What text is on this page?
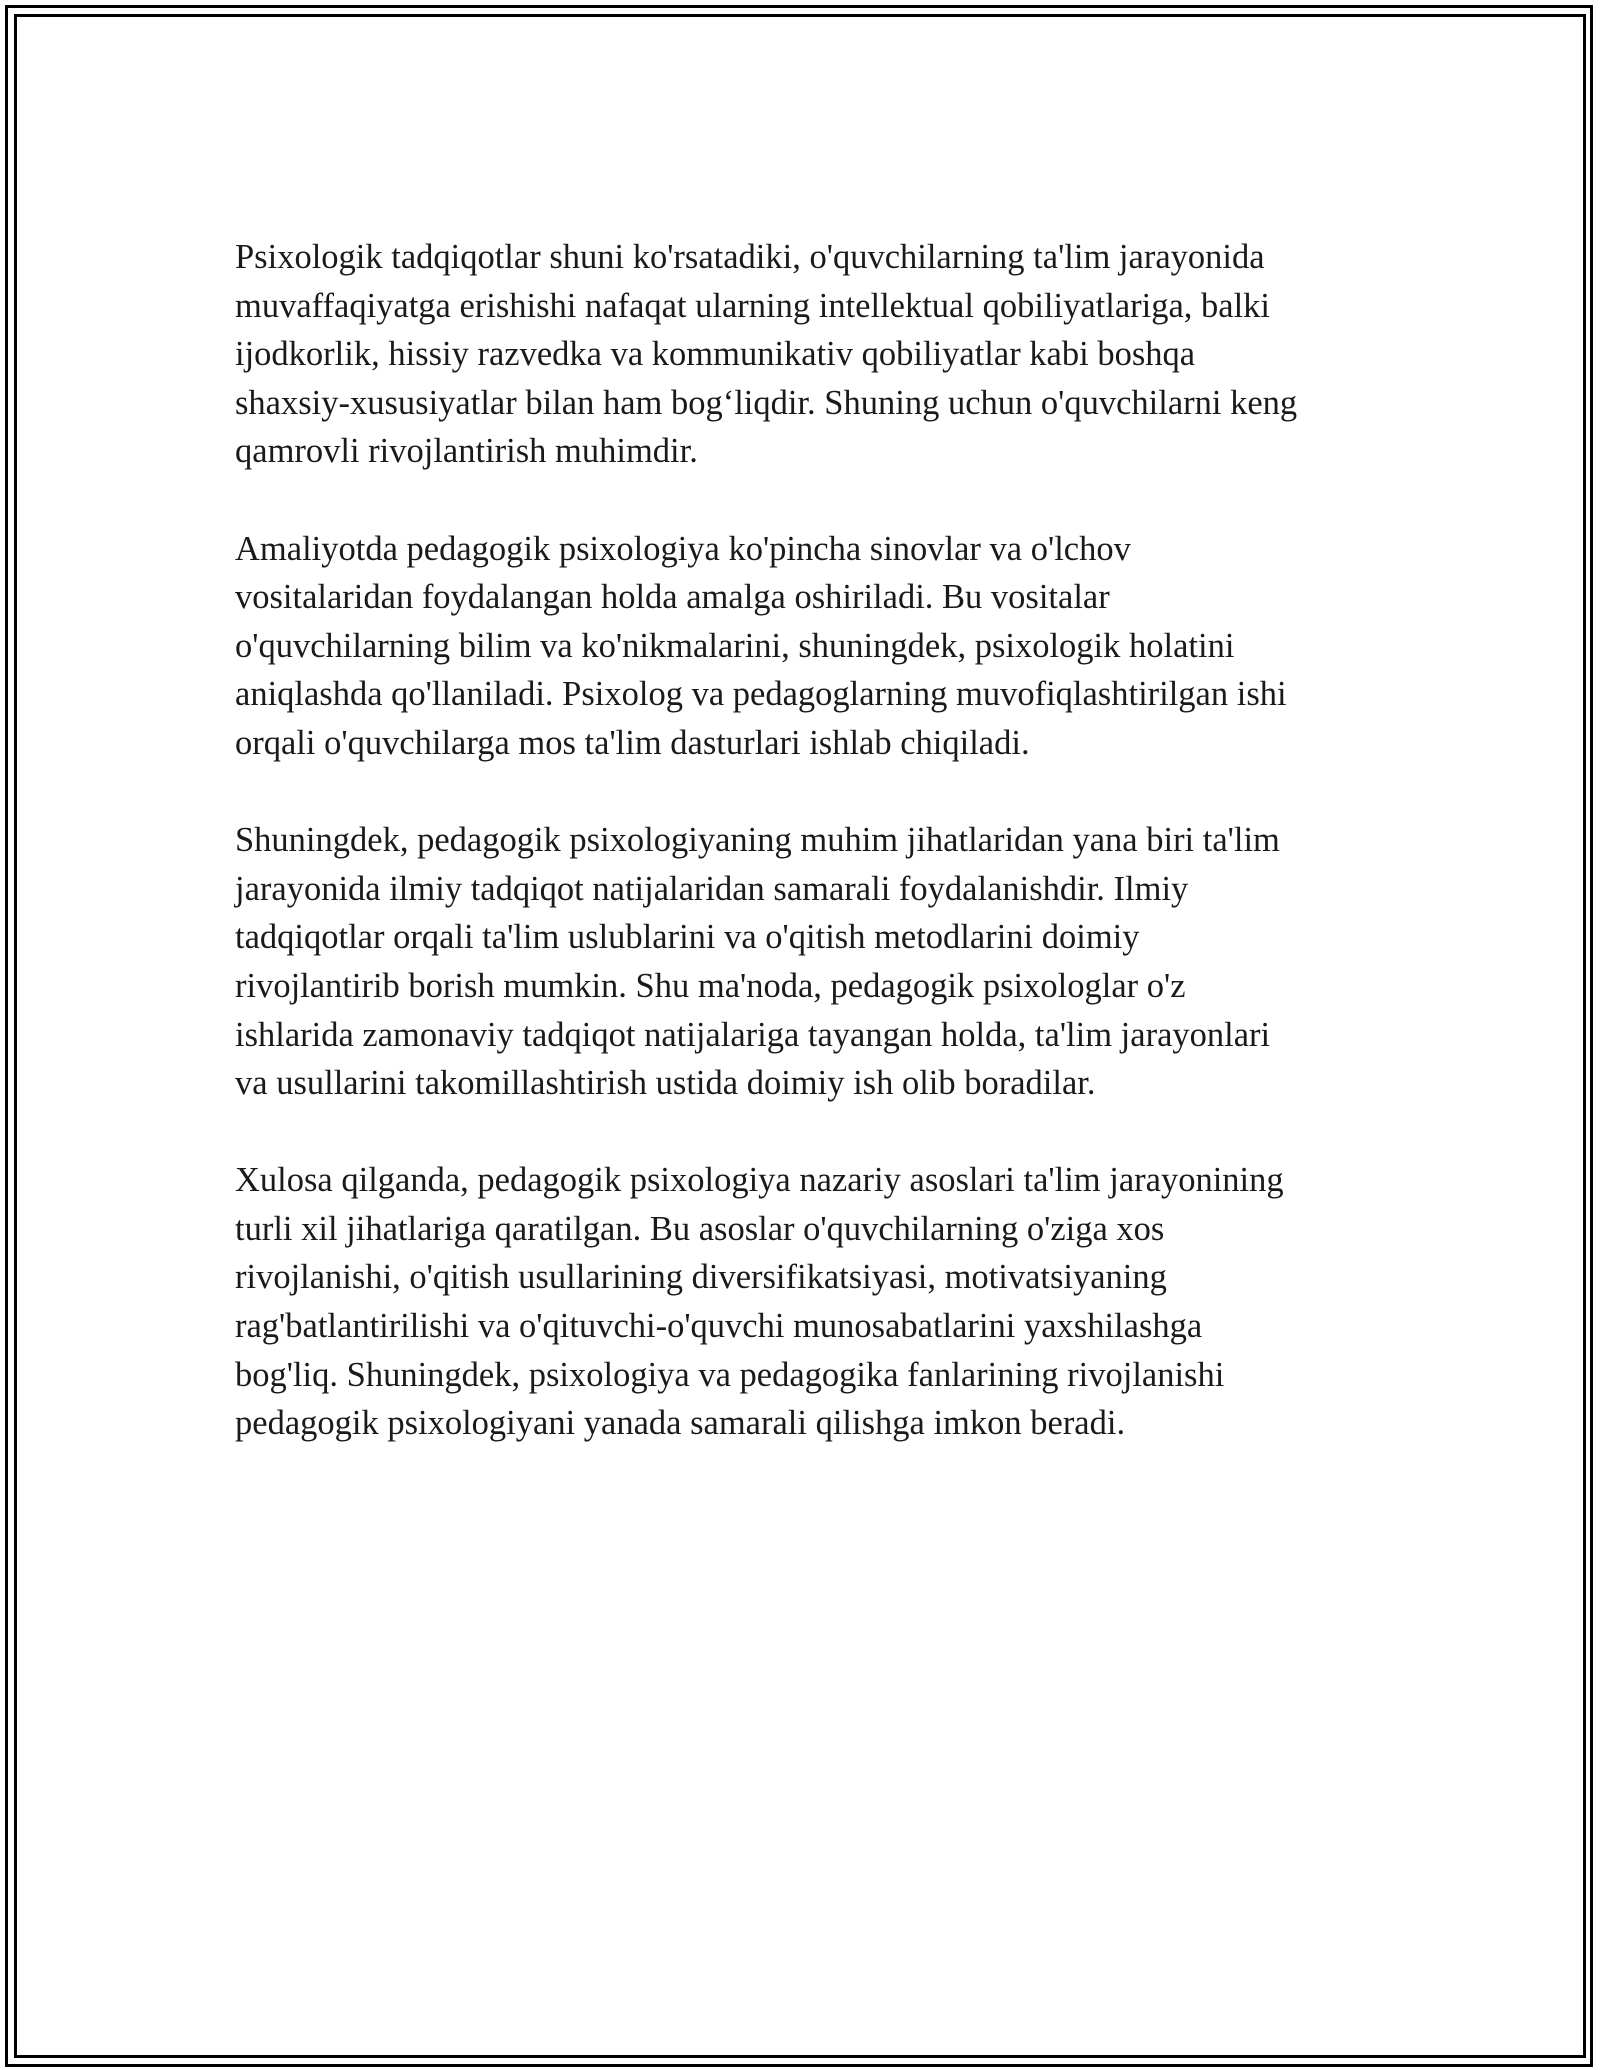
Psixologik tadqiqotlar shuni ko'rsatadiki, o'quvchilarning ta'lim jarayonida
muvaffaqiyatga erishishi nafaqat ularning intellektual qobiliyatlariga, balki
ijodkorlik, hissiy razvedka va kommunikativ qobiliyatlar kabi boshqa
shaxsiy-xususiyatlar bilan ham bog‘liqdir. Shuning uchun o'quvchilarni keng
qamrovli rivojlantirish muhimdir.

Amaliyotda pedagogik psixologiya ko'pincha sinovlar va o'lchov
vositalaridan foydalangan holda amalga oshiriladi. Bu vositalar
o'quvchilarning bilim va ko'nikmalarini, shuningdek, psixologik holatini
aniqlashda qo'llaniladi. Psixolog va pedagoglarning muvofiqlashtirilgan ishi
orqali o'quvchilarga mos ta'lim dasturlari ishlab chiqiladi.

Shuningdek, pedagogik psixologiyaning muhim jihatlaridan yana biri ta'lim
jarayonida ilmiy tadqiqot natijalaridan samarali foydalanishdir. Ilmiy
tadqiqotlar orqali ta'lim uslublarini va o'qitish metodlarini doimiy
rivojlantirib borish mumkin. Shu ma'noda, pedagogik psixologlar o'z
ishlarida zamonaviy tadqiqot natijalariga tayangan holda, ta'lim jarayonlari
va usullarini takomillashtirish ustida doimiy ish olib boradilar.

Xulosa qilganda, pedagogik psixologiya nazariy asoslari ta'lim jarayonining
turli xil jihatlariga qaratilgan. Bu asoslar o'quvchilarning o'ziga xos
rivojlanishi, o'qitish usullarining diversifikatsiyasi, motivatsiyaning
rag'batlantirilishi va o'qituvchi-o'quvchi munosabatlarini yaxshilashga
bog'liq. Shuningdek, psixologiya va pedagogika fanlarining rivojlanishi
pedagogik psixologiyani yanada samarali qilishga imkon beradi.
